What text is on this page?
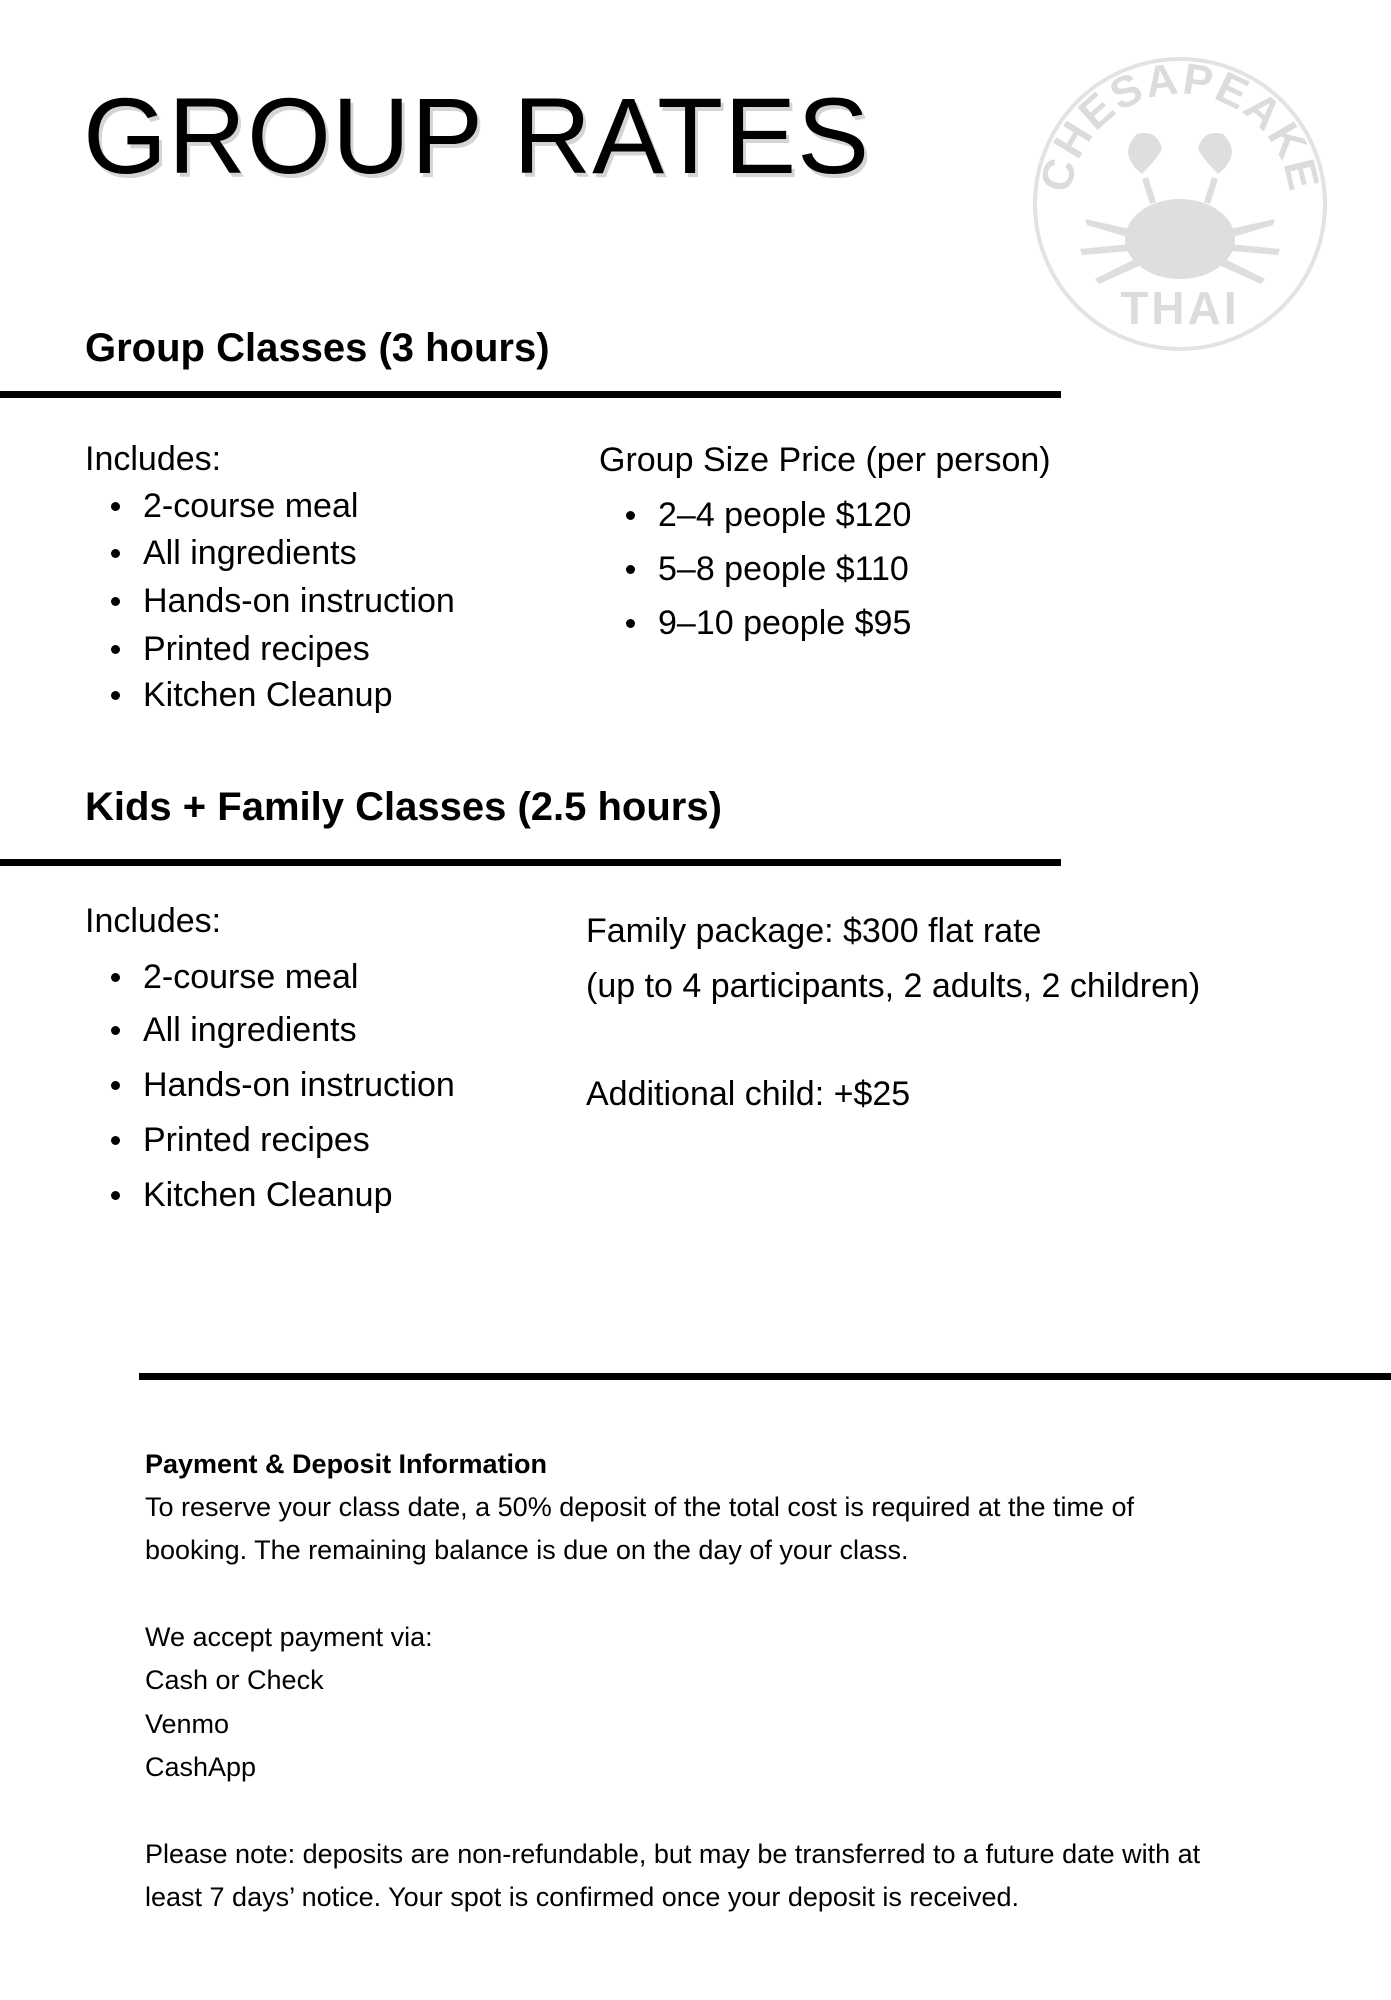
GROUP RATES	CHESAPEAKE
THAI
Group Classes (3 hours)
Includes:
2-course meal
All ingredients
Hands-on instruction
Printed recipes
Kitchen Cleanup
Group Size Price (per person)
2–4 people $120
5–8 people $110
9–10 people $95
Kids + Family Classes (2.5 hours)
Includes:
2-course meal
All ingredients
Hands-on instruction
Printed recipes
Kitchen Cleanup
Family package: $300 flat rate
(up to 4 participants, 2 adults, 2 children)
Additional child: +$25
Payment & Deposit Information
To reserve your class date, a 50% deposit of the total cost is required at the time of
booking. The remaining balance is due on the day of your class.
We accept payment via:
Cash or Check
Venmo
CashApp
Please note: deposits are non-refundable, but may be transferred to a future date with at
least 7 days’ notice. Your spot is confirmed once your deposit is received.
